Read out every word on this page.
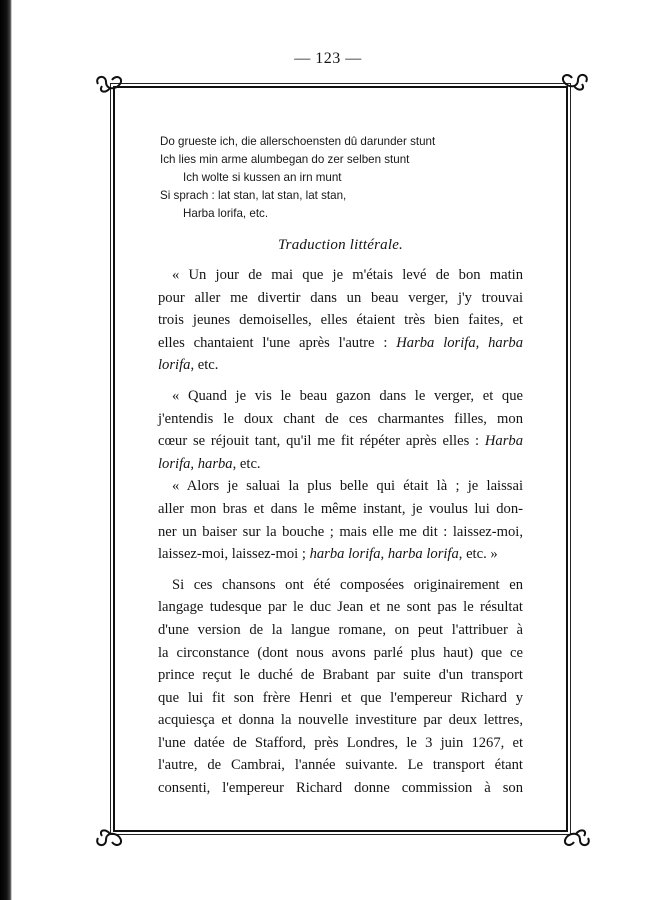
— 123 —
Do grueste ich, die allerschoensten dû darunder stunt
Ich lies min arme alumbegan do zer selben stunt
Ich wolte si kussen an irn munt
Si sprach : lat stan, lat stan, lat stan,
Harba lorifa, etc.
Traduction littérale.
« Un jour de mai que je m'étais levé de bon matin
pour aller me divertir dans un beau verger, j'y trouvai
trois jeunes demoiselles, elles étaient très bien faites, et
elles chantaient l'une après l'autre : Harba lorifa, harba
lorifa, etc.
« Quand je vis le beau gazon dans le verger, et que
j'entendis le doux chant de ces charmantes filles, mon
cœur se réjouit tant, qu'il me fit répéter après elles : Harba
lorifa, harba, etc.
« Alors je saluai la plus belle qui était là ; je laissai
aller mon bras et dans le même instant, je voulus lui don-
ner un baiser sur la bouche ; mais elle me dit : laissez-moi,
laissez-moi, laissez-moi ; harba lorifa, harba lorifa, etc. »
Si ces chansons ont été composées originairement en
langage tudesque par le duc Jean et ne sont pas le résultat
d'une version de la langue romane, on peut l'attribuer à
la circonstance (dont nous avons parlé plus haut) que ce
prince reçut le duché de Brabant par suite d'un transport
que lui fit son frère Henri et que l'empereur Richard y
acquiesça et donna la nouvelle investiture par deux lettres,
l'une datée de Stafford, près Londres, le 3 juin 1267, et
l'autre, de Cambrai, l'année suivante. Le transport étant
consenti, l'empereur Richard donne commission à son
